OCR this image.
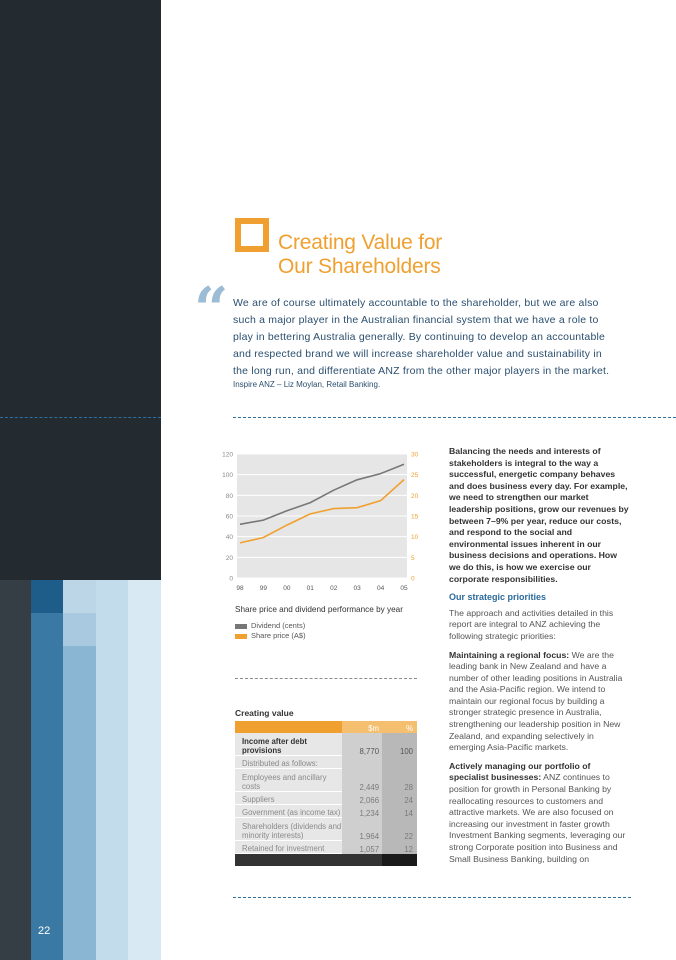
22
Creating Value for
Our Shareholders
“ We are of course ultimately accountable to the shareholder, but we are also such a major player in the Australian financial system that we have a role to play in bettering Australia generally. By continuing to develop an accountable and respected brand we will increase shareholder value and sustainability in the long run, and differentiate ANZ from the other major players in the market.
Inspire ANZ – Liz Moylan, Retail Banking.
0
20
40
60
80
100
120
0
5
10
15
20
25
30
98 99 00 01 02 03 04 05
Share price and dividend performance by year
Dividend (cents)
Share price (A$)
Creating value
	$m	%
Income after debt provisions	8,770	100
Distributed as follows:		
Employees and ancillary costs	2,449	28
Suppliers	2,066	24
Government (as income tax)	1,234	14
Shareholders (dividends and minority interests)	1,964	22
Retained for investment	1,057	12

Balancing the needs and interests of stakeholders is integral to the way a successful, energetic company behaves and does business every day. For example, we need to strengthen our market leadership positions, grow our revenues by between 7–9% per year, reduce our costs, and respond to the social and environmental issues inherent in our business decisions and operations. How we do this, is how we exercise our corporate responsibilities.

Our strategic priorities

The approach and activities detailed in this report are integral to ANZ achieving the following strategic priorities:

Maintaining a regional focus: We are the leading bank in New Zealand and have a number of other leading positions in Australia and the Asia-Pacific region. We intend to maintain our regional focus by building a stronger strategic presence in Australia, strengthening our leadership position in New Zealand, and expanding selectively in emerging Asia-Pacific markets.

Actively managing our portfolio of specialist businesses: ANZ continues to position for growth in Personal Banking by reallocating resources to customers and attractive markets. We are also focused on increasing our investment in faster growth Investment Banking segments, leveraging our strong Corporate position into Business and Small Business Banking, building on
